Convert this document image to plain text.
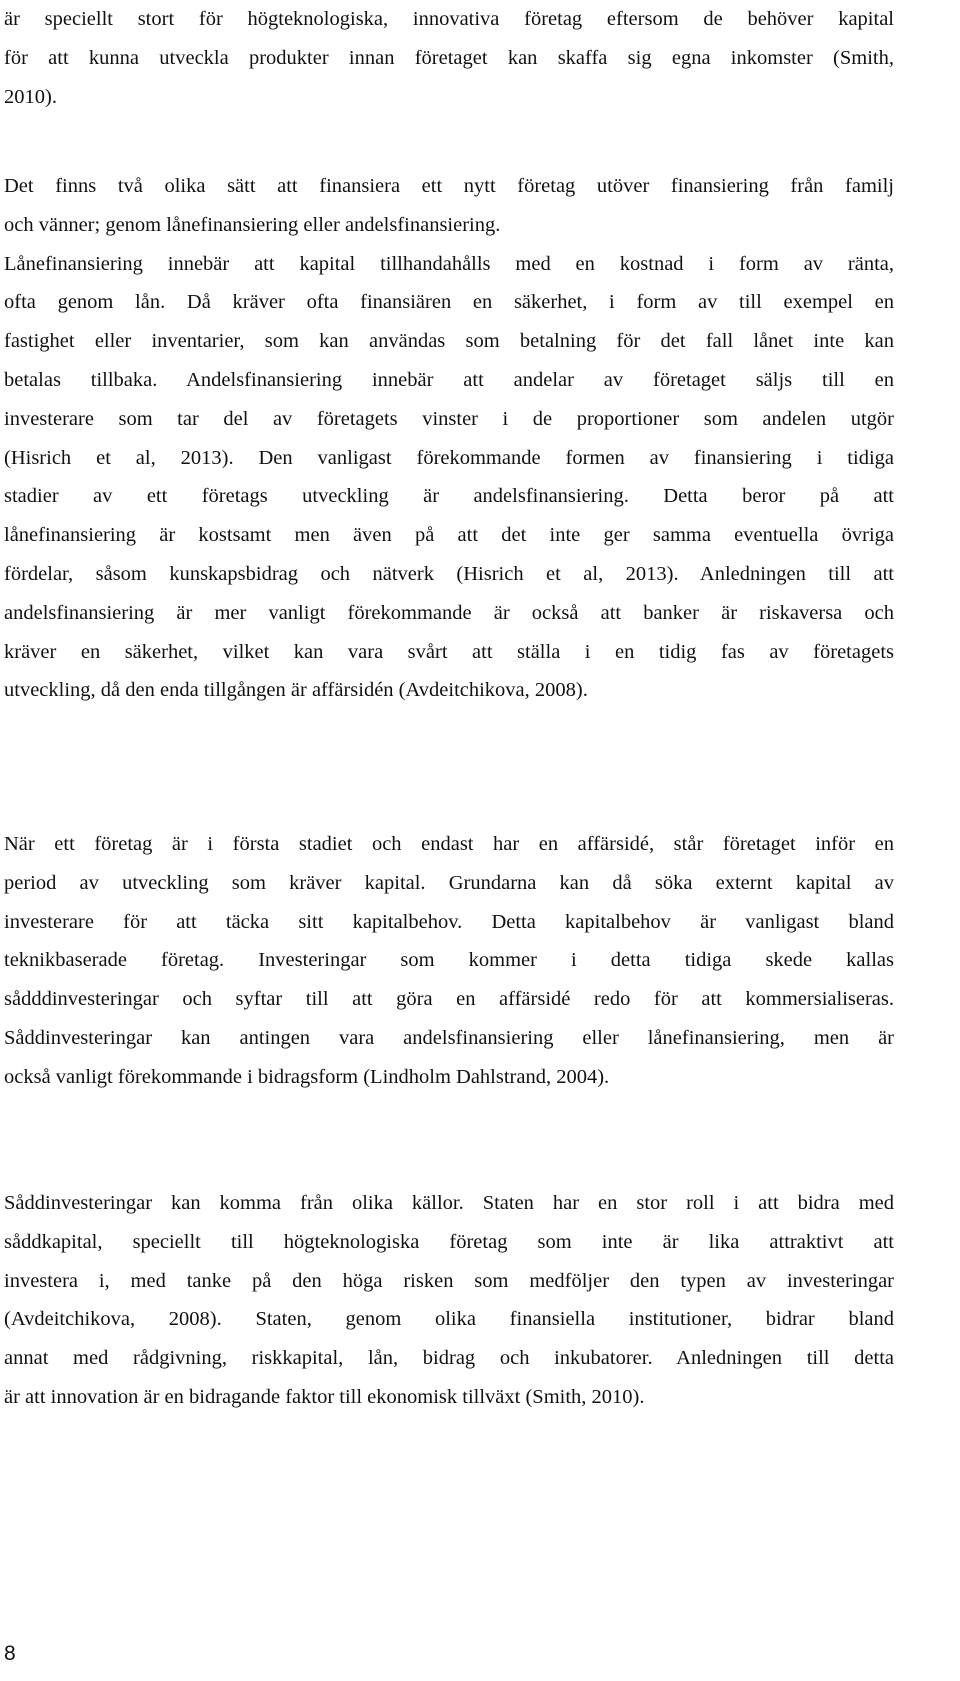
är speciellt stort för högteknologiska, innovativa företag eftersom de behöver kapital
för att kunna utveckla produkter innan företaget kan skaffa sig egna inkomster (Smith,
2010).
Det finns två olika sätt att finansiera ett nytt företag utöver finansiering från familj
och vänner; genom lånefinansiering eller andelsfinansiering.
Lånefinansiering innebär att kapital tillhandahålls med en kostnad i form av ränta,
ofta genom lån. Då kräver ofta finansiären en säkerhet, i form av till exempel en
fastighet eller inventarier, som kan användas som betalning för det fall lånet inte kan
betalas tillbaka. Andelsfinansiering innebär att andelar av företaget säljs till en
investerare som tar del av företagets vinster i de proportioner som andelen utgör
(Hisrich et al, 2013). Den vanligast förekommande formen av finansiering i tidiga
stadier av ett företags utveckling är andelsfinansiering. Detta beror på att
lånefinansiering är kostsamt men även på att det inte ger samma eventuella övriga
fördelar, såsom kunskapsbidrag och nätverk (Hisrich et al, 2013). Anledningen till att
andelsfinansiering är mer vanligt förekommande är också att banker är riskaversa och
kräver en säkerhet, vilket kan vara svårt att ställa i en tidig fas av företagets
utveckling, då den enda tillgången är affärsidén (Avdeitchikova, 2008).
När ett företag är i första stadiet och endast har en affärsidé, står företaget inför en
period av utveckling som kräver kapital. Grundarna kan då söka externt kapital av
investerare för att täcka sitt kapitalbehov. Detta kapitalbehov är vanligast bland
teknikbaserade företag. Investeringar som kommer i detta tidiga skede kallas
sådddinvesteringar och syftar till att göra en affärsidé redo för att kommersialiseras.
Såddinvesteringar kan antingen vara andelsfinansiering eller lånefinansiering, men är
också vanligt förekommande i bidragsform (Lindholm Dahlstrand, 2004).
Såddinvesteringar kan komma från olika källor. Staten har en stor roll i att bidra med
såddkapital, speciellt till högteknologiska företag som inte är lika attraktivt att
investera i, med tanke på den höga risken som medföljer den typen av investeringar
(Avdeitchikova, 2008). Staten, genom olika finansiella institutioner, bidrar bland
annat med rådgivning, riskkapital, lån, bidrag och inkubatorer. Anledningen till detta
är att innovation är en bidragande faktor till ekonomisk tillväxt (Smith, 2010).
8
